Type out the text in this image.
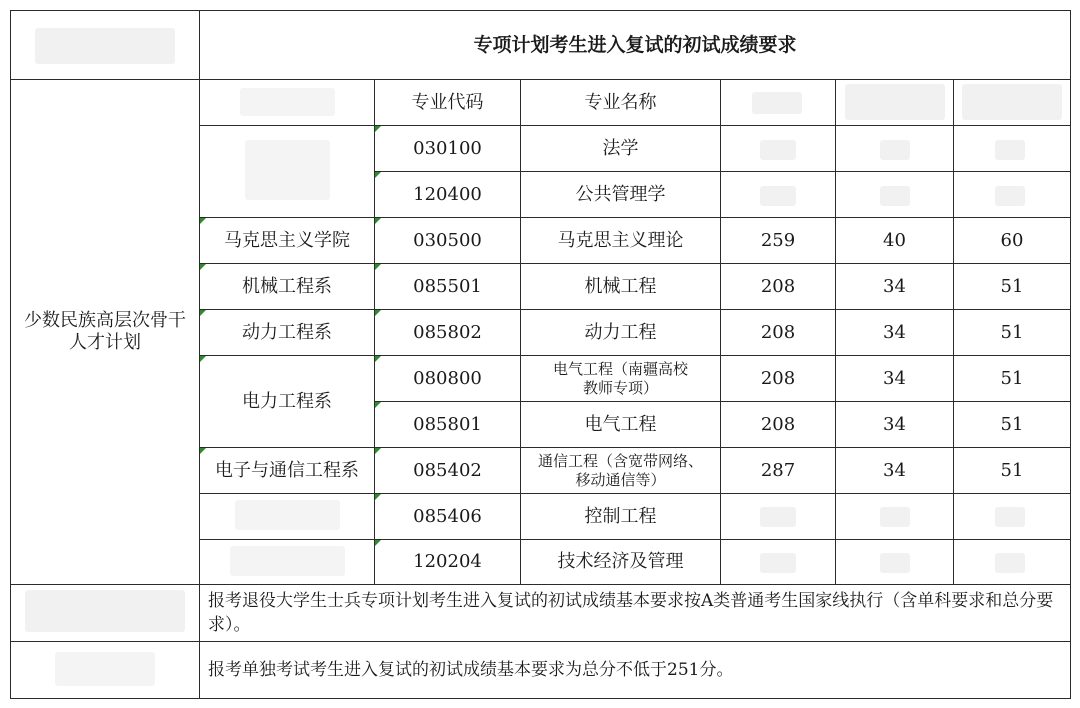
专项计划考生进入复试的初试成绩要求
少数民族高层次骨干人才计划
专业代码	专业名称
030100	法学
120400	公共管理学
马克思主义学院	030500	马克思主义理论	259	40	60
机械工程系	085501	机械工程	208	34	51
动力工程系	085802	动力工程	208	34	51
电力工程系
080800	电气工程（南疆高校
教师专项）	208	34	51
085801	电气工程	208	34	51
电子与通信工程系	085402	通信工程（含宽带网络、
移动通信等）	287	34	51
085406	控制工程
120204	技术经济及管理
报考退役大学生士兵专项计划考生进入复试的初试成绩基本要求按A类普通考生国家线执行（含单科要求和总分要求）。
报考单独考试考生进入复试的初试成绩基本要求为总分不低于251分。
